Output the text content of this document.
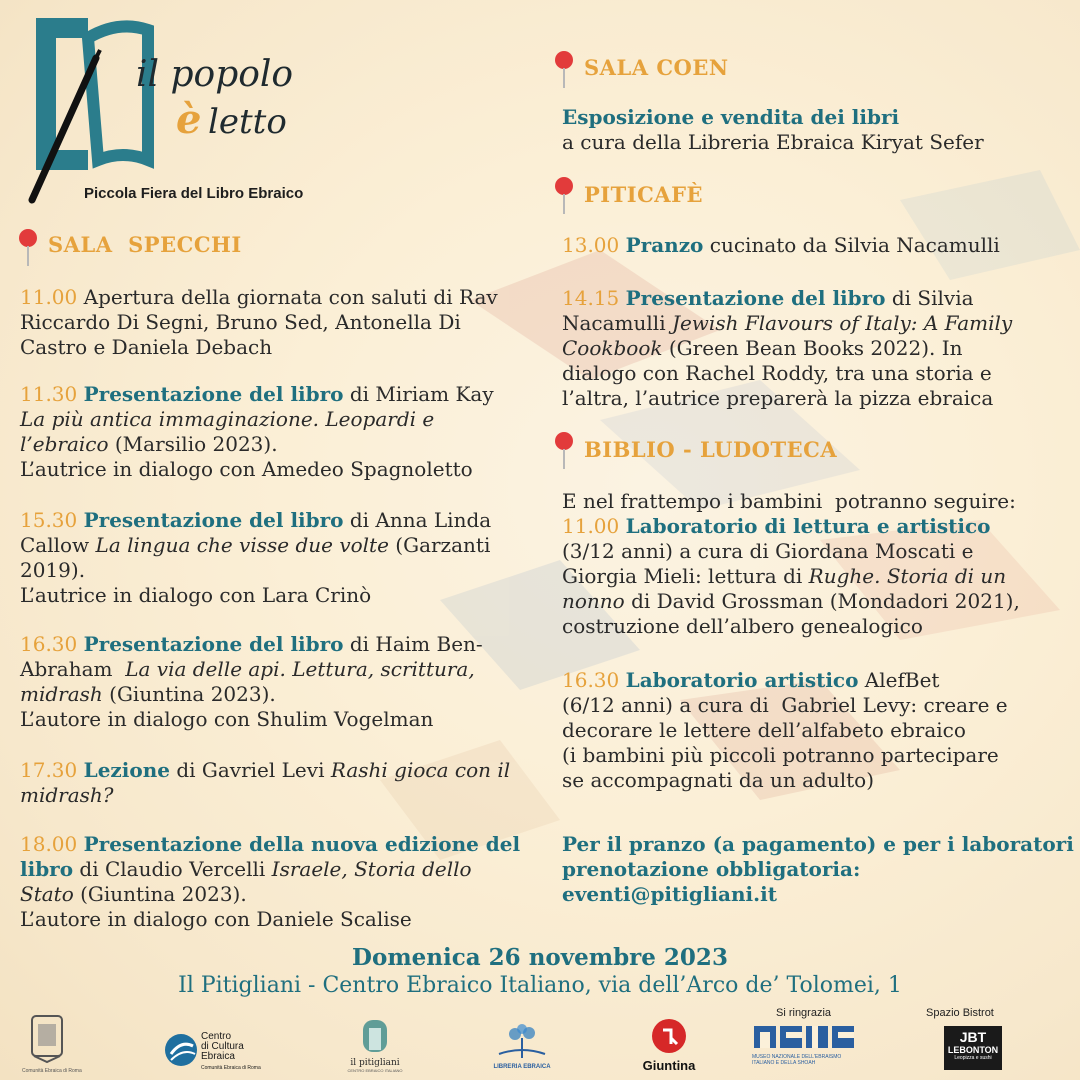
il popolo
è letto
Piccola Fiera del Libro Ebraico
SALA  SPECCHI
11.00 Apertura della giornata con saluti di Rav
Riccardo Di Segni, Bruno Sed, Antonella Di
Castro e Daniela Debach
11.30 Presentazione del libro di Miriam Kay
La più antica immaginazione. Leopardi e
l’ebraico (Marsilio 2023).
L’autrice in dialogo con Amedeo Spagnoletto
15.30 Presentazione del libro di Anna Linda
Callow La lingua che visse due volte (Garzanti
2019).
L’autrice in dialogo con Lara Crinò
16.30 Presentazione del libro di Haim Ben-
Abraham La via delle api. Lettura, scrittura,
midrash (Giuntina 2023).
L’autore in dialogo con Shulim Vogelman
17.30 Lezione di Gavriel Levi Rashi gioca con il
midrash?
18.00 Presentazione della nuova edizione del
libro di Claudio Vercelli Israele, Storia dello
Stato (Giuntina 2023).
L’autore in dialogo con Daniele Scalise
SALA COEN
Esposizione e vendita dei libri
a cura della Libreria Ebraica Kiryat Sefer
PITICAFÈ
13.00 Pranzo cucinato da Silvia Nacamulli
14.15 Presentazione del libro di Silvia
Nacamulli Jewish Flavours of Italy: A Family
Cookbook (Green Bean Books 2022). In
dialogo con Rachel Roddy, tra una storia e
l’altra, l’autrice preparerà la pizza ebraica
BIBLIO - LUDOTECA
E nel frattempo i bambini  potranno seguire:
11.00 Laboratorio di lettura e artistico
(3/12 anni) a cura di Giordana Moscati e
Giorgia Mieli: lettura di Rughe. Storia di un
nonno di David Grossman (Mondadori 2021),
costruzione dell’albero genealogico
16.30 Laboratorio artistico AlefBet
(6/12 anni) a cura di  Gabriel Levy: creare e
decorare le lettere dell’alfabeto ebraico
(i bambini più piccoli potranno partecipare
se accompagnati da un adulto)
Per il pranzo (a pagamento) e per i laboratori
prenotazione obbligatoria:
eventi@pitigliani.it
Domenica 26 novembre 2023
Il Pitigliani - Centro Ebraico Italiano, via dell’Arco de’ Tolomei, 1
Comunità Ebraica di Roma
Centro
di Cultura
Ebraica
Comunità Ebraica di Roma	il pitigliani
CENTRO EBRAICO ITALIANO
LIBRERIA EBRAICA	Giuntina
Si ringrazia
MUSEO NAZIONALE DELL'EBRAISMO
ITALIANO E DELLA SHOAH
Spazio Bistrot
JBT
LEBONTON
Leopizza e sushi
